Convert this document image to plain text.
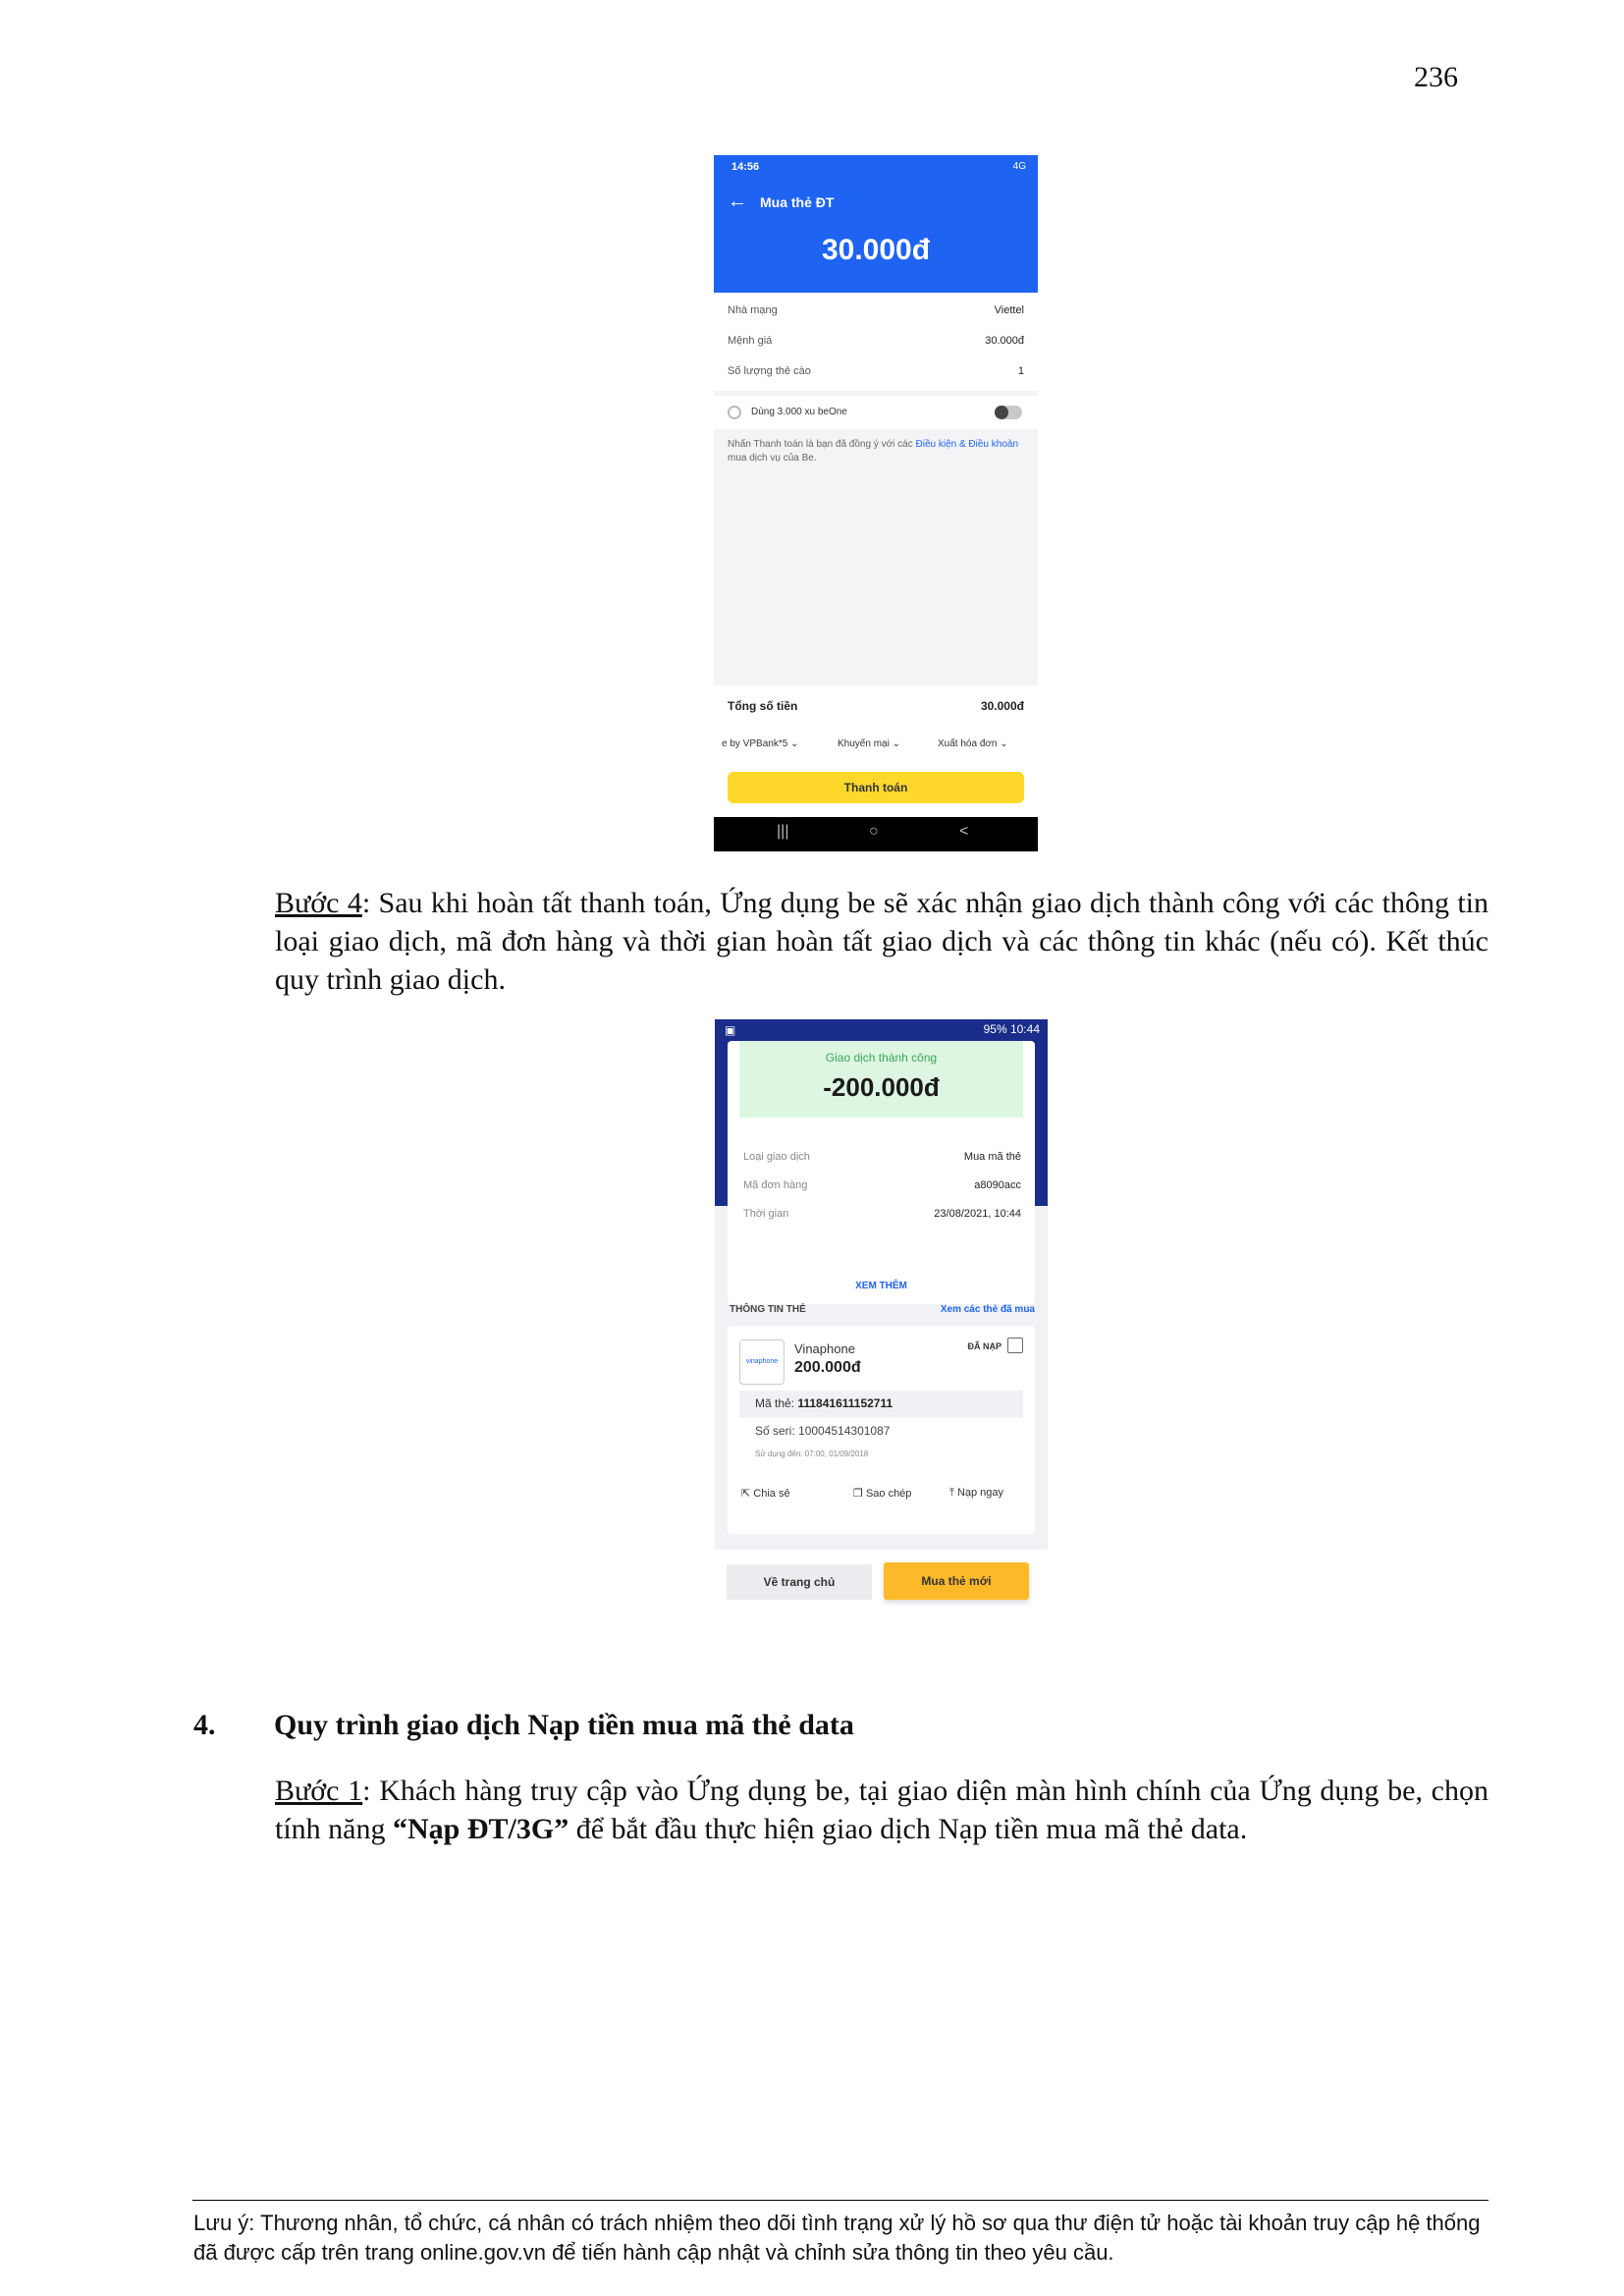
236
14:56	4G
← Mua thẻ ĐT
30.000đ
Nhà mạng	Viettel
Mệnh giá	30.000đ
Số lượng thẻ cào	1
Dùng 3.000 xu beOne
Nhấn Thanh toán là bạn đã đồng ý với các Điều kiện & Điều khoản mua dịch vụ của Be.
Tổng số tiền	30.000đ
e by VPBank*5 ⌄	Khuyến mại ⌄	Xuất hóa đơn ⌄
Thanh toán
|||	○	<
Bước 4: Sau khi hoàn tất thanh toán, Ứng dụng be sẽ xác nhận giao dịch thành công với các thông tin loại giao dịch, mã đơn hàng và thời gian hoàn tất giao dịch và các thông tin khác (nếu có). Kết thúc quy trình giao dịch.
▣	95% 10:44
Giao dịch thành công
-200.000đ
Loại giao dịch	Mua mã thẻ
Mã đơn hàng	a8090acc
Thời gian	23/08/2021, 10:44
XEM THÊM
THÔNG TIN THẺ	Xem các thẻ đã mua
vinaphone
Vinaphone
200.000đ
ĐÃ NẠP
Mã thẻ: 111841611152711
Số seri: 10004514301087
Sử dụng đến: 07:00, 01/09/2018
⇱ Chia sẻ	❐ Sao chép	⤒ Nạp ngay
Về trang chủ	Mua thẻ mới
4. Quy trình giao dịch Nạp tiền mua mã thẻ data
Bước 1: Khách hàng truy cập vào Ứng dụng be, tại giao diện màn hình chính của Ứng dụng be, chọn tính năng “Nạp ĐT/3G” để bắt đầu thực hiện giao dịch Nạp tiền mua mã thẻ data.
Lưu ý: Thương nhân, tổ chức, cá nhân có trách nhiệm theo dõi tình trạng xử lý hồ sơ qua thư điện tử hoặc tài khoản truy cập hệ thống đã được cấp trên trang online.gov.vn để tiến hành cập nhật và chỉnh sửa thông tin theo yêu cầu.
